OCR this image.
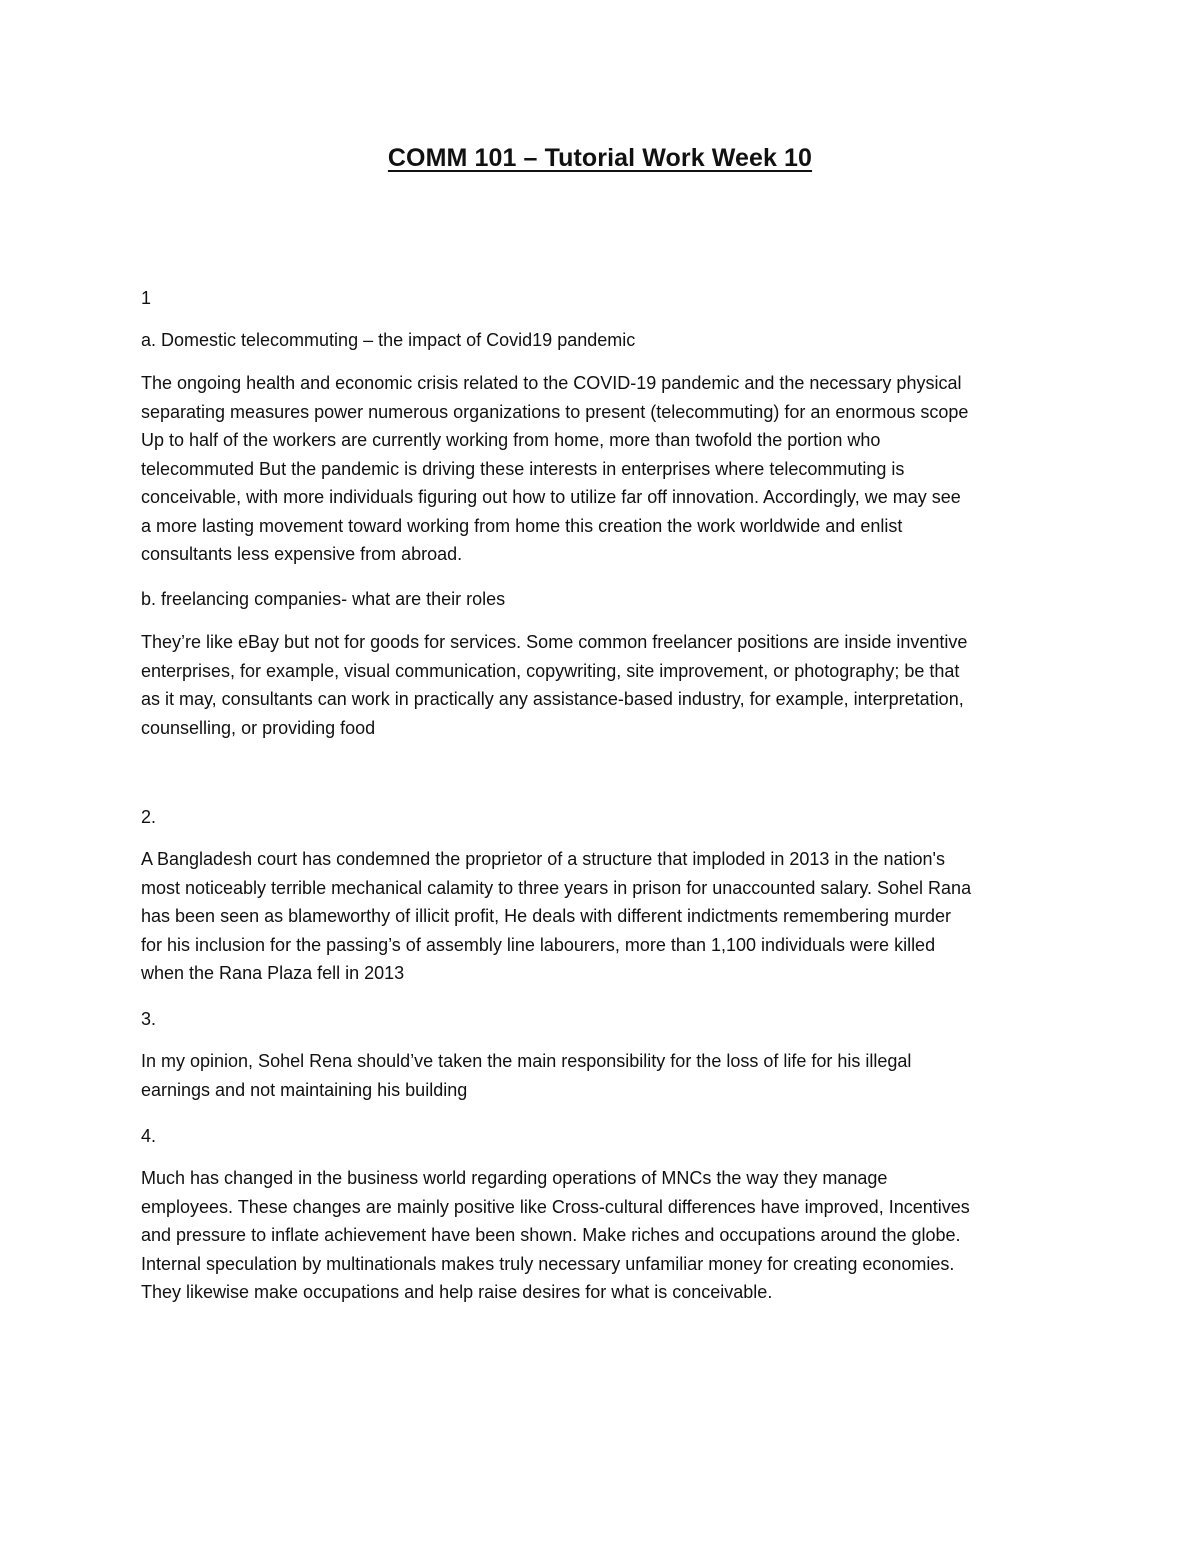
COMM 101 – Tutorial Work Week 10

1

a. Domestic telecommuting – the impact of Covid19 pandemic

The ongoing health and economic crisis related to the COVID-19 pandemic and the necessary physical
separating measures power numerous organizations to present (telecommuting) for an enormous scope
Up to half of the workers are currently working from home, more than twofold the portion who
telecommuted But the pandemic is driving these interests in enterprises where telecommuting is
conceivable, with more individuals figuring out how to utilize far off innovation. Accordingly, we may see
a more lasting movement toward working from home this creation the work worldwide and enlist
consultants less expensive from abroad.

b. freelancing companies- what are their roles

They’re like eBay but not for goods for services. Some common freelancer positions are inside inventive
enterprises, for example, visual communication, copywriting, site improvement, or photography; be that
as it may, consultants can work in practically any assistance-based industry, for example, interpretation,
counselling, or providing food

2.

A Bangladesh court has condemned the proprietor of a structure that imploded in 2013 in the nation's
most noticeably terrible mechanical calamity to three years in prison for unaccounted salary. Sohel Rana
has been seen as blameworthy of illicit profit, He deals with different indictments remembering murder
for his inclusion for the passing’s of assembly line labourers, more than 1,100 individuals were killed
when the Rana Plaza fell in 2013

3.

In my opinion, Sohel Rena should’ve taken the main responsibility for the loss of life for his illegal
earnings and not maintaining his building

4.

Much has changed in the business world regarding operations of MNCs the way they manage
employees. These changes are mainly positive like Cross-cultural differences have improved, Incentives
and pressure to inflate achievement have been shown. Make riches and occupations around the globe.
Internal speculation by multinationals makes truly necessary unfamiliar money for creating economies.
They likewise make occupations and help raise desires for what is conceivable.
